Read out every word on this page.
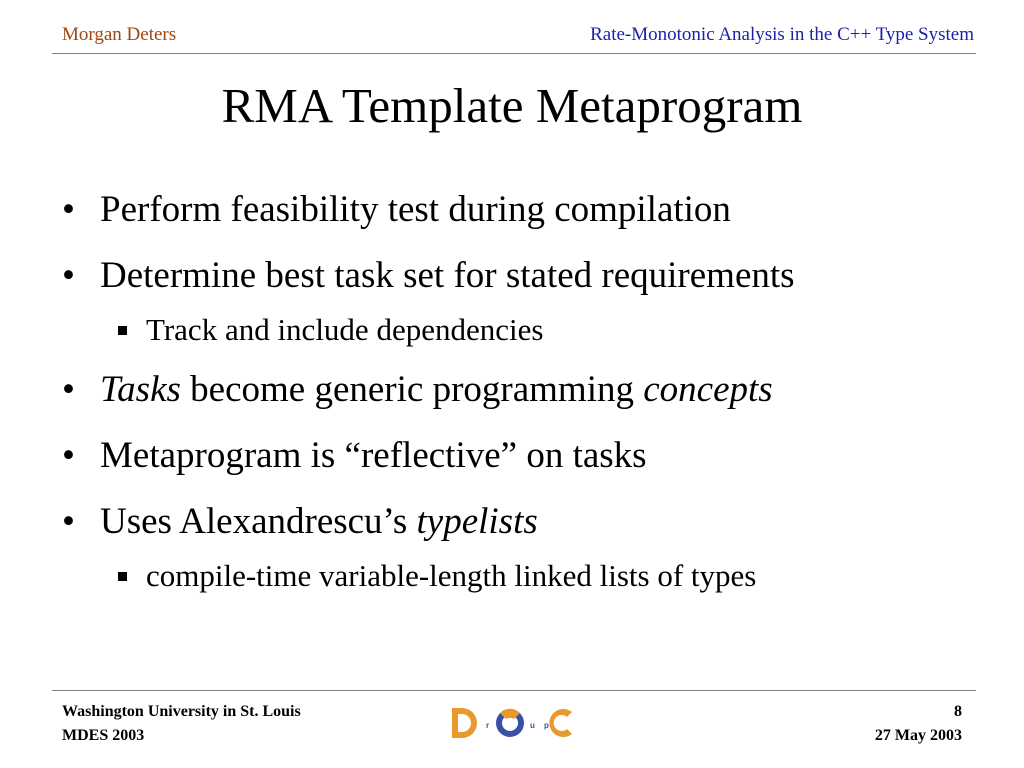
Morgan Deters	Rate-Monotonic Analysis in the C++ Type System
RMA Template Metaprogram
• Perform feasibility test during compilation
• Determine best task set for stated requirements
Track and include dependencies
• Tasks become generic programming concepts
• Metaprogram is “reflective” on tasks
• Uses Alexandrescu’s typelists
compile-time variable-length linked lists of types
Washington University in St. Louis
MDES 2003
r	u p
8
27 May 2003
